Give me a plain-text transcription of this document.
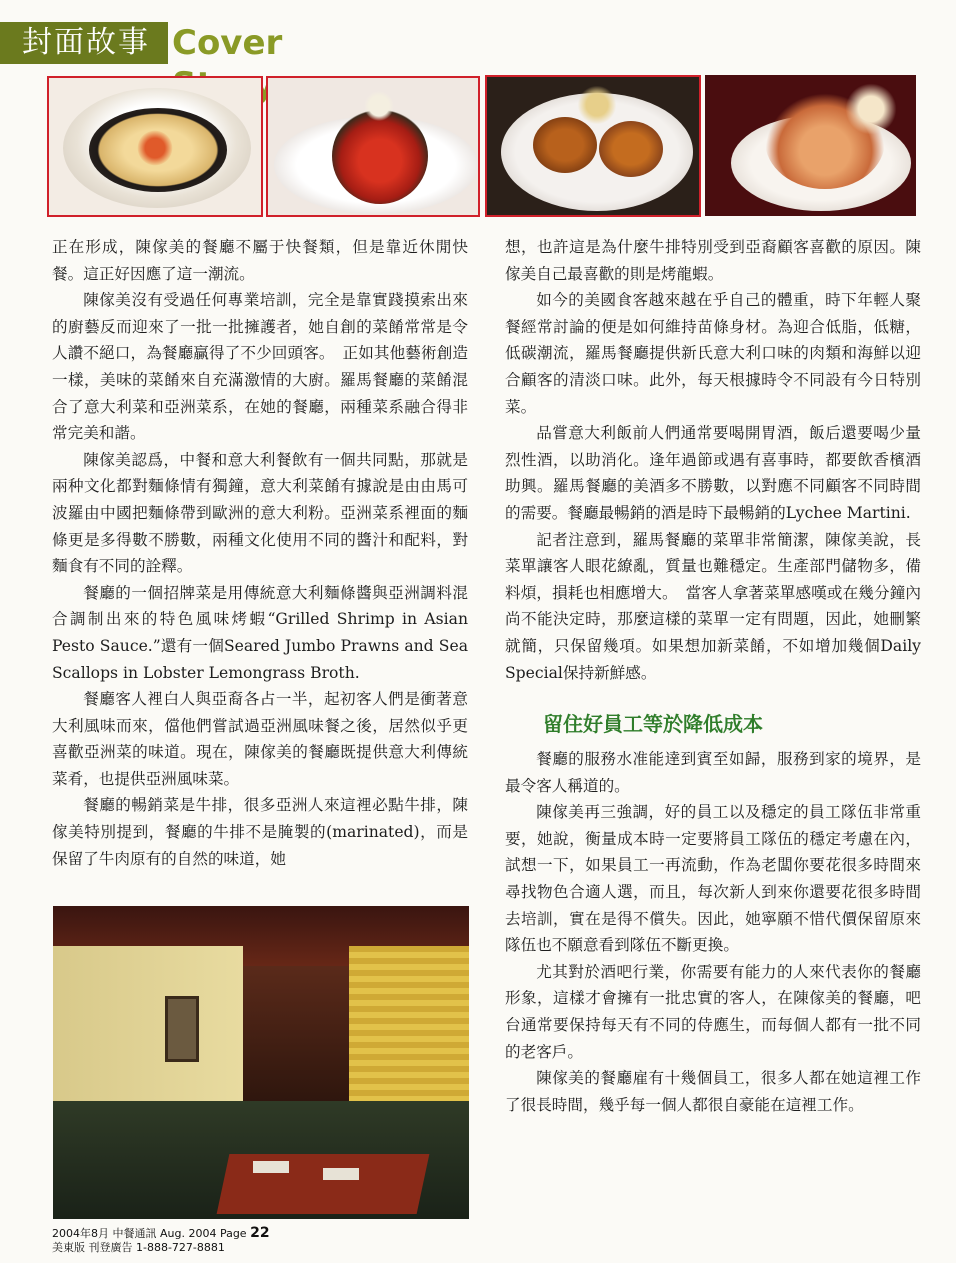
封面故事 Cover

正在形成，陳傢美的餐廳不屬于快餐類，但是靠近休閒快餐。這正好因應了這一潮流。

陳傢美沒有受過任何專業培訓，完全是靠實踐摸索出來的廚藝反而迎來了一批一批擁護者，她自創的菜餚常常是令人讚不絕口，為餐廳贏得了不少回頭客。　正如其他藝術創造一樣，美味的菜餚來自充滿激情的大廚。羅馬餐廳的菜餚混合了意大利菜和亞洲菜系，在她的餐廳，兩種菜系融合得非常完美和諧。

陳傢美認爲，中餐和意大利餐飲有一個共同點，那就是兩种文化都對麵條情有獨鐘，意大利菜餚有據說是由由馬可波羅由中國把麵條帶到歐洲的意大利粉。亞洲菜系裡面的麵條更是多得數不勝數，兩種文化使用不同的醬汁和配料，對麵食有不同的詮釋。

餐廳的一個招牌菜是用傳統意大利麵條醬與亞洲調料混合調制出來的特色風味烤蝦“Grilled Shrimp in Asian Pesto Sauce.”還有一個Seared Jumbo Prawns and Sea Scallops in Lobster Lemongrass Broth.

餐廳客人裡白人與亞裔各占一半，起初客人們是衝著意大利風味而來，儅他們嘗試過亞洲風味餐之後，居然似乎更喜歡亞洲菜的味道。現在，陳傢美的餐廳既提供意大利傳統菜肴，也提供亞洲風味菜。

餐廳的暢銷菜是牛排，很多亞洲人來這裡必點牛排，陳傢美特別提到，餐廳的牛排不是腌製的(marinated)，而是保留了牛肉原有的自然的味道，她

想，也許這是為什麼牛排特別受到亞裔顧客喜歡的原因。陳傢美自己最喜歡的則是烤龍蝦。

如今的美國食客越來越在乎自己的體重，時下年輕人聚餐經常討論的便是如何維持苗條身材。為迎合低脂，低糖，低碳潮流，羅馬餐廳提供新氏意大利口味的肉類和海鮮以迎合顧客的清淡口味。此外，每天根據時令不同設有今日特別菜。

品嘗意大利飯前人們通常要喝開胃酒，飯后還要喝少量烈性酒，以助消化。逢年過節或遇有喜事時，都要飲香檳酒助興。羅馬餐廳的美酒多不勝數，以對應不同顧客不同時間的需要。餐廳最暢銷的酒是時下最暢銷的Lychee Martini.

記者注意到，羅馬餐廳的菜單非常簡潔，陳傢美說，長菜單讓客人眼花繚亂，質量也難穩定。生產部門儲物多，備料煩，損耗也相應增大。　當客人拿著菜單感嘆或在幾分鐘內尚不能決定時，那麼這樣的菜單一定有問題，因此，她刪繁就簡，只保留幾項。如果想加新菜餚，不如增加幾個Daily Special保持新鮮感。

留住好員工等於降低成本

餐廳的服務水准能達到賓至如歸，服務到家的境界，是最令客人稱道的。

陳傢美再三強調，好的員工以及穩定的員工隊伍非常重要，她說，衡量成本時一定要將員工隊伍的穩定考慮在內，試想一下，如果員工一再流動，作為老闆你要花很多時間來尋找物色合適人選，而且，每次新人到來你還要花很多時間去培訓，實在是得不償失。因此，她寧願不惜代價保留原來隊伍也不願意看到隊伍不斷更換。

尤其對於酒吧行業，你需要有能力的人來代表你的餐廳形象，這樣才會擁有一批忠實的客人，在陳傢美的餐廳，吧台通常要保持每天有不同的侍應生，而每個人都有一批不同的老客戶。

陳傢美的餐廳雇有十幾個員工，很多人都在她這裡工作了很長時間，幾乎每一個人都很自豪能在這裡工作。

2004年8月 中餐通訊 Aug. 2004 Page 22
美東版 刊登廣告 1-888-727-8881
